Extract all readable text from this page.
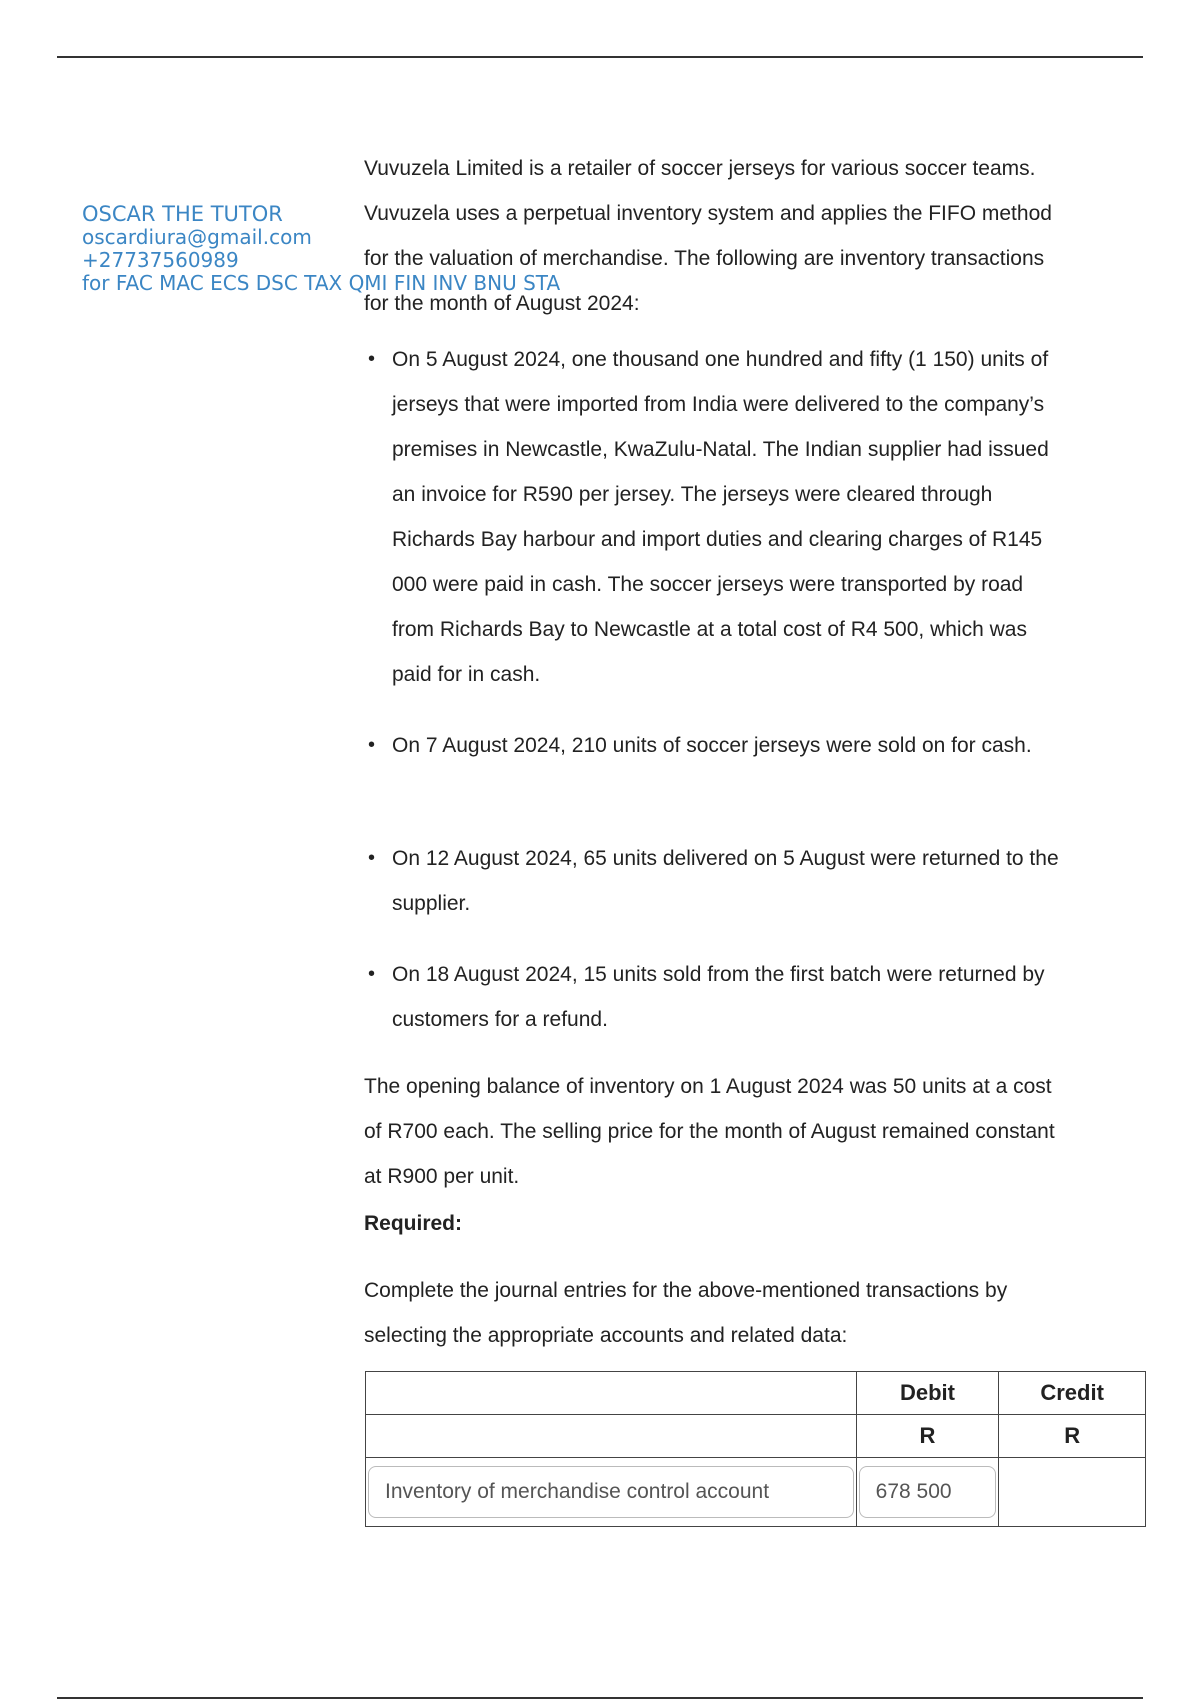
OSCAR THE TUTOR
oscardiura@gmail.com
+27737560989
for FAC MAC ECS DSC TAX QMI FIN INV BNU STA

Vuvuzela Limited is a retailer of soccer jerseys for various soccer teams. Vuvuzela uses a perpetual inventory system and applies the FIFO method for the valuation of merchandise. The following are inventory transactions for the month of August 2024:

• On 5 August 2024, one thousand one hundred and fifty (1 150) units of jerseys that were imported from India were delivered to the company’s premises in Newcastle, KwaZulu-Natal. The Indian supplier had issued an invoice for R590 per jersey. The jerseys were cleared through Richards Bay harbour and import duties and clearing charges of R145 000 were paid in cash. The soccer jerseys were transported by road from Richards Bay to Newcastle at a total cost of R4 500, which was paid for in cash.
• On 7 August 2024, 210 units of soccer jerseys were sold on for cash.
• On 12 August 2024, 65 units delivered on 5 August were returned to the supplier.
• On 18 August 2024, 15 units sold from the first batch were returned by customers for a refund.

The opening balance of inventory on 1 August 2024 was 50 units at a cost of R700 each. The selling price for the month of August remained constant at R900 per unit.

Required:

Complete the journal entries for the above-mentioned transactions by selecting the appropriate accounts and related data:

	Debit	Credit
	R	R

Inventory of merchandise control account	678 500	
